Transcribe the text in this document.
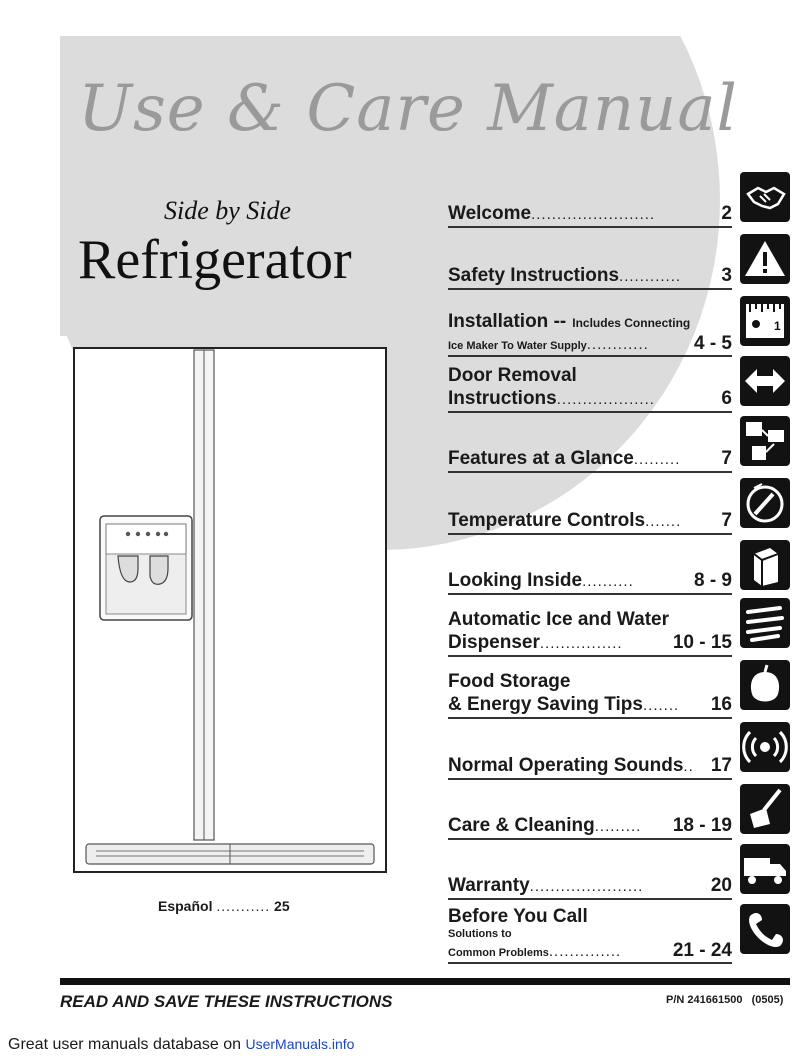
Use & Care Manual
Side by Side
Refrigerator
Español ........... 25
Welcome ........................	2
Safety Instructions ............	3
Installation -- Includes Connecting
Ice Maker To Water Supply ............	4 - 5
Door Removal
Instructions ...................	6
Features at a Glance .........	7
Temperature Controls .......	7
Looking Inside ..........	8 - 9
Automatic Ice and Water
Dispenser ................	10 - 15
Food Storage
& Energy Saving Tips .......	16
Normal Operating Sounds .. 17
Care & Cleaning .........	18 - 19
Warranty ......................	20
Before You Call
Solutions to
Common Problems ..............	21 - 24
1
READ AND SAVE THESE INSTRUCTIONS	P/N 241661500 (0505)
Great user manuals database on UserManuals.info
